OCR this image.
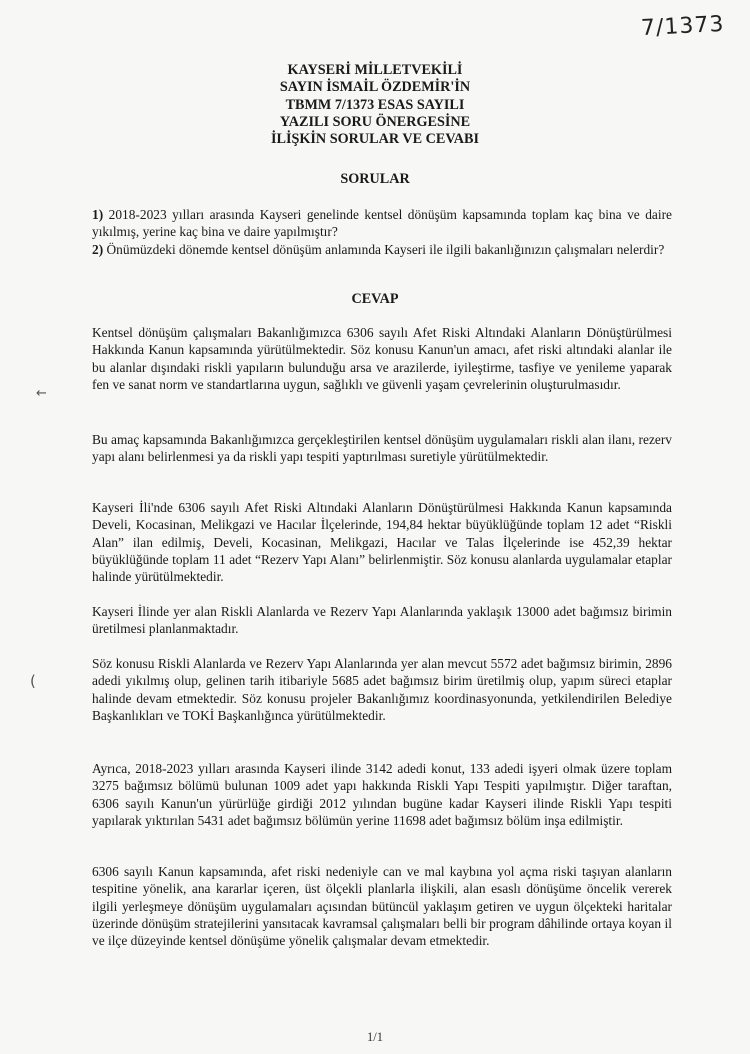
7/1373
KAYSERİ MİLLETVEKİLİ
SAYIN İSMAİL ÖZDEMİR'İN
TBMM 7/1373 ESAS SAYILI
YAZILI SORU ÖNERGESİNE
İLİŞKİN SORULAR VE CEVABI
SORULAR

1) 2018-2023 yılları arasında Kayseri genelinde kentsel dönüşüm kapsamında toplam kaç bina ve daire yıkılmış, yerine kaç bina ve daire yapılmıştır?

2) Önümüzdeki dönemde kentsel dönüşüm anlamında Kayseri ile ilgili bakanlığınızın çalışmaları nelerdir?

CEVAP
Kentsel dönüşüm çalışmaları Bakanlığımızca 6306 sayılı Afet Riski Altındaki Alanların Dönüştürülmesi Hakkında Kanun kapsamında yürütülmektedir. Söz konusu Kanun'un amacı, afet riski altındaki alanlar ile bu alanlar dışındaki riskli yapıların bulunduğu arsa ve arazilerde, iyileştirme, tasfiye ve yenileme yaparak fen ve sanat norm ve standartlarına uygun, sağlıklı ve güvenli yaşam çevrelerinin oluşturulmasıdır.
Bu amaç kapsamında Bakanlığımızca gerçekleştirilen kentsel dönüşüm uygulamaları riskli alan ilanı, rezerv yapı alanı belirlenmesi ya da riskli yapı tespiti yaptırılması suretiyle yürütülmektedir.
Kayseri İli'nde 6306 sayılı Afet Riski Altındaki Alanların Dönüştürülmesi Hakkında Kanun kapsamında Develi, Kocasinan, Melikgazi ve Hacılar İlçelerinde, 194,84 hektar büyüklüğünde toplam 12 adet “Riskli Alan” ilan edilmiş, Develi, Kocasinan, Melikgazi, Hacılar ve Talas İlçelerinde ise 452,39 hektar büyüklüğünde toplam 11 adet “Rezerv Yapı Alanı” belirlenmiştir. Söz konusu alanlarda uygulamalar etaplar halinde yürütülmektedir.
Kayseri İlinde yer alan Riskli Alanlarda ve Rezerv Yapı Alanlarında yaklaşık 13000 adet bağımsız birimin üretilmesi planlanmaktadır.
Söz konusu Riskli Alanlarda ve Rezerv Yapı Alanlarında yer alan mevcut 5572 adet bağımsız birimin, 2896 adedi yıkılmış olup, gelinen tarih itibariyle 5685 adet bağımsız birim üretilmiş olup, yapım süreci etaplar halinde devam etmektedir. Söz konusu projeler Bakanlığımız koordinasyonunda, yetkilendirilen Belediye Başkanlıkları ve TOKİ Başkanlığınca yürütülmektedir.
Ayrıca, 2018-2023 yılları arasında Kayseri ilinde 3142 adedi konut, 133 adedi işyeri olmak üzere toplam 3275 bağımsız bölümü bulunan 1009 adet yapı hakkında Riskli Yapı Tespiti yapılmıştır. Diğer taraftan, 6306 sayılı Kanun'un yürürlüğe girdiği 2012 yılından bugüne kadar Kayseri ilinde Riskli Yapı tespiti yapılarak yıktırılan 5431 adet bağımsız bölümün yerine 11698 adet bağımsız bölüm inşa edilmiştir.
6306 sayılı Kanun kapsamında, afet riski nedeniyle can ve mal kaybına yol açma riski taşıyan alanların tespitine yönelik, ana kararlar içeren, üst ölçekli planlarla ilişkili, alan esaslı dönüşüme öncelik vererek ilgili yerleşmeye dönüşüm uygulamaları açısından bütüncül yaklaşım getiren ve uygun ölçekteki haritalar üzerinde dönüşüm stratejilerini yansıtacak kavramsal çalışmaları belli bir program dâhilinde ortaya koyan il ve ilçe düzeyinde kentsel dönüşüme yönelik çalışmalar devam etmektedir.
←
(
1/1
